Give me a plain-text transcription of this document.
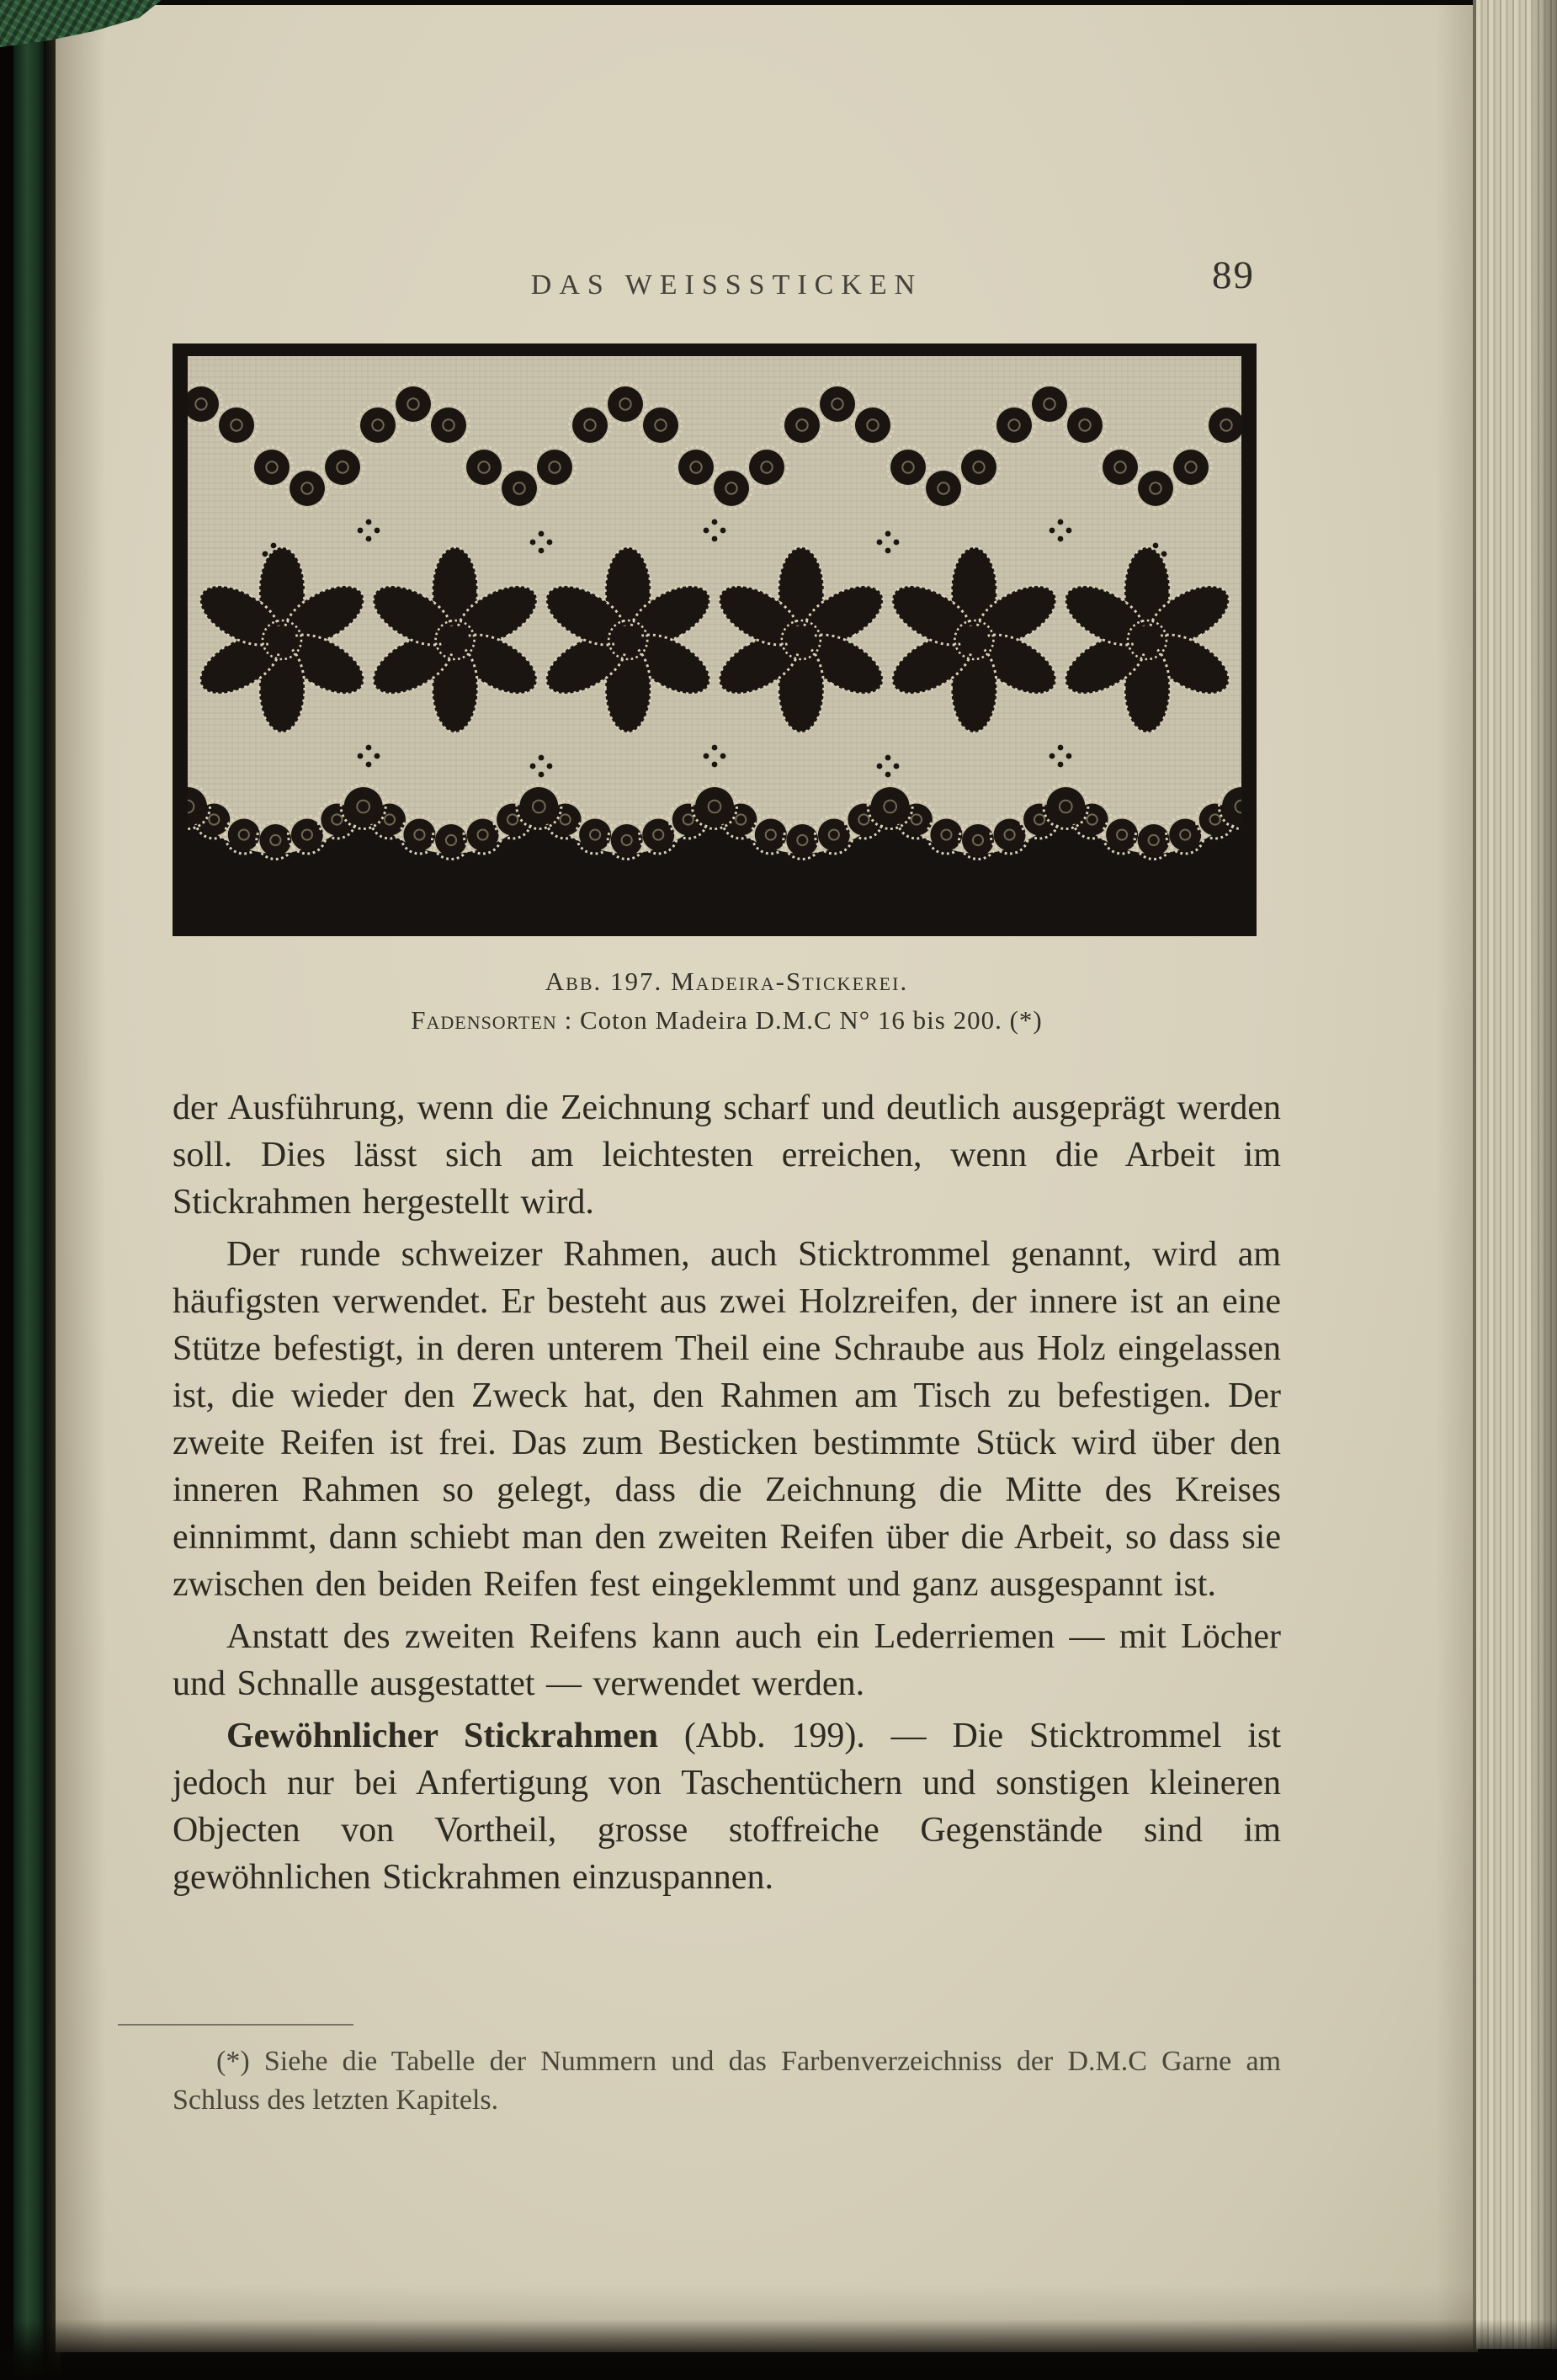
DAS WEISSSTICKEN	89
Abb. 197. Madeira-Stickerei.
Fadensorten : Coton Madeira D.M.C N° 16 bis 200. (*)

der Ausführung, wenn die Zeichnung scharf und deutlich ausgeprägt werden soll. Dies lässt sich am leichtesten erreichen, wenn die Arbeit im Stickrahmen hergestellt wird.

Der runde schweizer Rahmen, auch Sticktrommel genannt, wird am häufigsten verwendet. Er besteht aus zwei Holzreifen, der innere ist an eine Stütze befestigt, in deren unterem Theil eine Schraube aus Holz eingelassen ist, die wieder den Zweck hat, den Rahmen am Tisch zu befestigen. Der zweite Reifen ist frei. Das zum Besticken bestimmte Stück wird über den inneren Rahmen so gelegt, dass die Zeichnung die Mitte des Kreises einnimmt, dann schiebt man den zweiten Reifen über die Arbeit, so dass sie zwischen den beiden Reifen fest eingeklemmt und ganz ausgespannt ist.

Anstatt des zweiten Reifens kann auch ein Lederriemen — mit Löcher und Schnalle ausgestattet — verwendet werden.

Gewöhnlicher Stickrahmen (Abb. 199). — Die Sticktrommel ist jedoch nur bei Anfertigung von Taschentüchern und sonstigen kleineren Objecten von Vortheil, grosse stoffreiche Gegenstände sind im gewöhnlichen Stickrahmen einzuspannen.

(*) Siehe die Tabelle der Nummern und das Farbenverzeichniss der D.M.C Garne am Schluss des letzten Kapitels.
